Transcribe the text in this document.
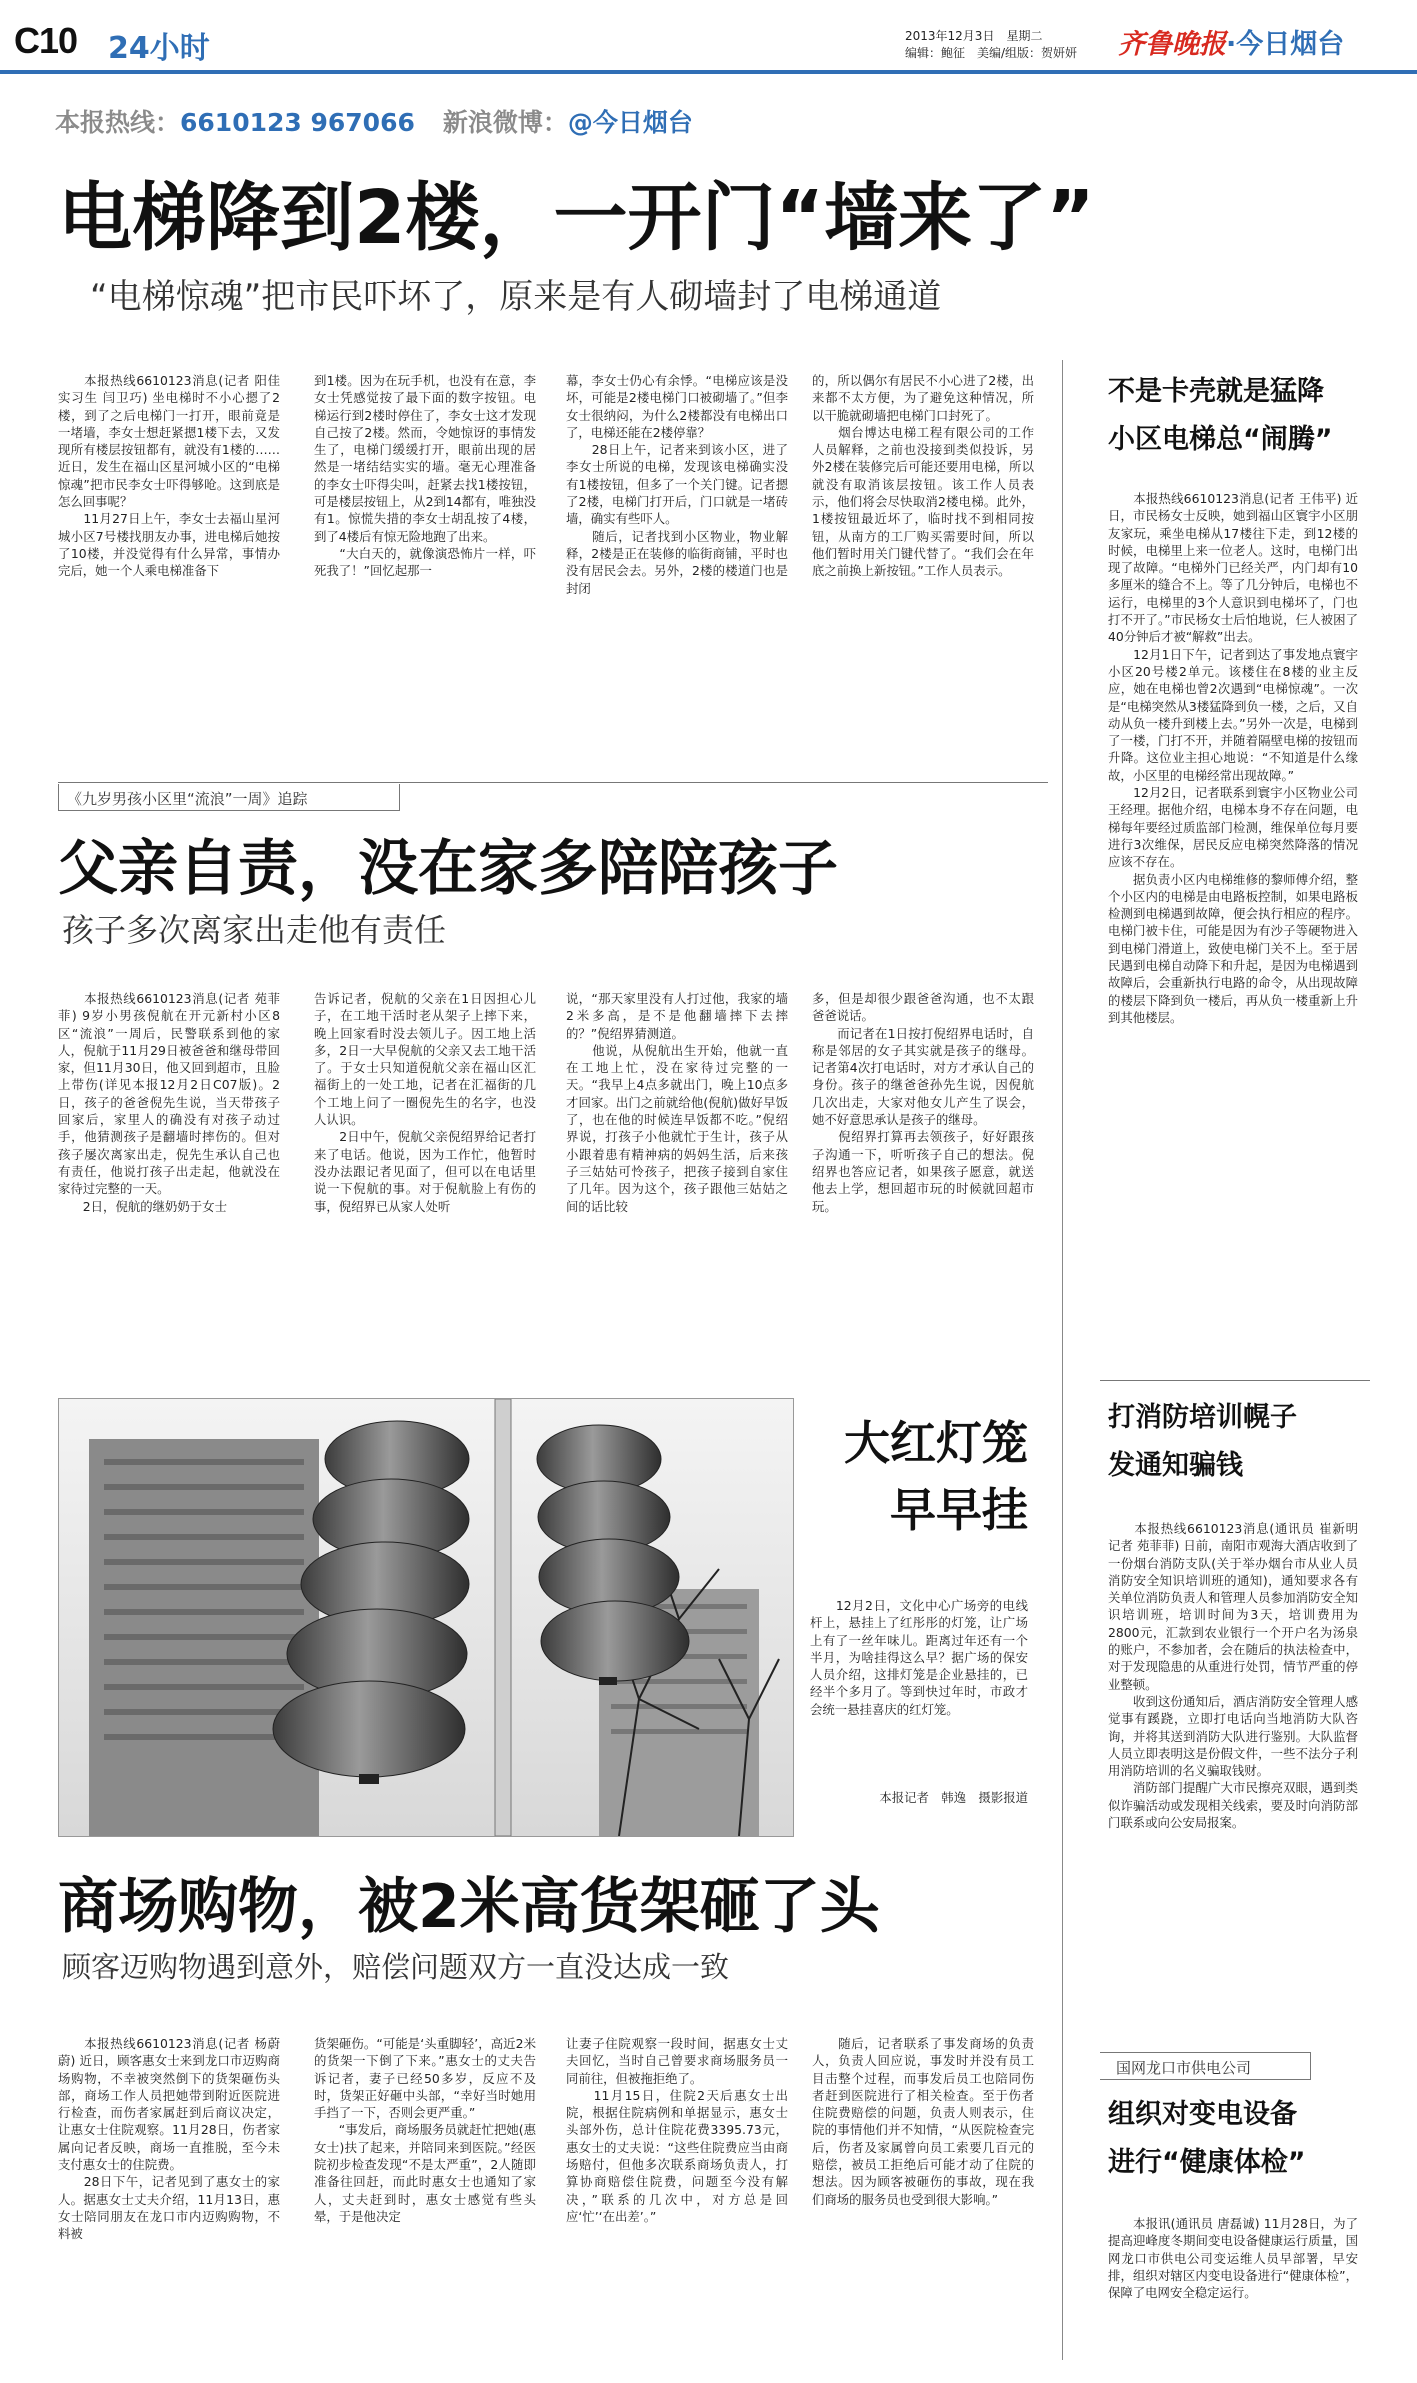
C10 24小时	2013年12月3日　星期二
编辑：鲍征　美编/组版：贺妍妍 齐鲁晚报·今日烟台
本报热线：6610123 967066 新浪微博：@今日烟台
电梯降到2楼，一开门“墙来了”
“电梯惊魂”把市民吓坏了，原来是有人砌墙封了电梯通道
　　本报热线6610123消息(记者 阳佳 实习生 闫卫巧) 坐电梯时不小心摁了2楼，到了之后电梯门一打开，眼前竟是一堵墙，李女士想赶紧摁1楼下去，又发现所有楼层按钮都有，就没有1楼的……近日，发生在福山区星河城小区的“电梯惊魂”把市民李女士吓得够呛。这到底是怎么回事呢？
　　11月27日上午，李女士去福山星河城小区7号楼找朋友办事，进电梯后她按了10楼，并没觉得有什么异常，事情办完后，她一个人乘电梯准备下
到1楼。因为在玩手机，也没有在意，李女士凭感觉按了最下面的数字按钮。电梯运行到2楼时停住了，李女士这才发现自己按了2楼。然而，令她惊讶的事情发生了，电梯门缓缓打开，眼前出现的居然是一堵结结实实的墙。毫无心理准备的李女士吓得尖叫，赶紧去找1楼按钮，可是楼层按钮上，从2到14都有，唯独没有1。惊慌失措的李女士胡乱按了4楼，到了4楼后有惊无险地跑了出来。
　　“大白天的，就像演恐怖片一样，吓死我了！”回忆起那一
幕，李女士仍心有余悸。“电梯应该是没坏，可能是2楼电梯门口被砌墙了。”但李女士很纳闷，为什么2楼都没有电梯出口了，电梯还能在2楼停靠？
　　28日上午，记者来到该小区，进了李女士所说的电梯，发现该电梯确实没有1楼按钮，但多了一个关门键。记者摁了2楼，电梯门打开后，门口就是一堵砖墙，确实有些吓人。
　　随后，记者找到小区物业，物业解释，2楼是正在装修的临街商铺，平时也没有居民会去。另外，2楼的楼道门也是封闭
的，所以偶尔有居民不小心进了2楼，出来都不太方便，为了避免这种情况，所以干脆就砌墙把电梯门口封死了。
　　烟台博达电梯工程有限公司的工作人员解释，之前也没接到类似投诉，另外2楼在装修完后可能还要用电梯，所以就没有取消该层按钮。该工作人员表示，他们将会尽快取消2楼电梯。此外，1楼按钮最近坏了，临时找不到相同按钮，从南方的工厂购买需要时间，所以他们暂时用关门键代替了。“我们会在年底之前换上新按钮。”工作人员表示。
《九岁男孩小区里“流浪”一周》追踪
父亲自责，没在家多陪陪孩子
孩子多次离家出走他有责任
　　本报热线6610123消息(记者 苑菲菲) 9岁小男孩倪航在开元新村小区8区“流浪”一周后，民警联系到他的家人，倪航于11月29日被爸爸和继母带回家，但11月30日，他又回到超市，且脸上带伤(详见本报12月2日C07版)。2日，孩子的爸爸倪先生说，当天带孩子回家后，家里人的确没有对孩子动过手，他猜测孩子是翻墙时摔伤的。但对孩子屡次离家出走，倪先生承认自己也有责任，他说打孩子出走起，他就没在家待过完整的一天。
　　2日，倪航的继奶奶于女士
告诉记者，倪航的父亲在1日因担心儿子，在工地干活时老从架子上摔下来，晚上回家看时没去领儿子。因工地上活多，2日一大早倪航的父亲又去工地干活了。于女士只知道倪航父亲在福山区汇福街上的一处工地，记者在汇福街的几个工地上问了一圈倪先生的名字，也没人认识。
　　2日中午，倪航父亲倪绍界给记者打来了电话。他说，因为工作忙，他暂时没办法跟记者见面了，但可以在电话里说一下倪航的事。对于倪航脸上有伤的事，倪绍界已从家人处听
说，“那天家里没有人打过他，我家的墙2米多高，是不是他翻墙摔下去摔的？”倪绍界猜测道。
　　他说，从倪航出生开始，他就一直在工地上忙，没在家待过完整的一天。“我早上4点多就出门，晚上10点多才回家。出门之前就给他(倪航)做好早饭了，也在他的时候连早饭都不吃。”倪绍界说，打孩子小他就忙于生计，孩子从小跟着患有精神病的妈妈生活，后来孩子三姑姑可怜孩子，把孩子接到自家住了几年。因为这个，孩子跟他三姑姑之间的话比较
多，但是却很少跟爸爸沟通，也不太跟爸爸说话。
　　而记者在1日按打倪绍界电话时，自称是邻居的女子其实就是孩子的继母。记者第4次打电话时，对方才承认自己的身份。孩子的继爸爸孙先生说，因倪航几次出走，大家对他女儿产生了误会，她不好意思承认是孩子的继母。
　　倪绍界打算再去领孩子，好好跟孩子沟通一下，听听孩子自己的想法。倪绍界也答应记者，如果孩子愿意，就送他去上学，想回超市玩的时候就回超市玩。
大红灯笼
早早挂
　　12月2日，文化中心广场旁的电线杆上，悬挂上了红彤彤的灯笼，让广场上有了一丝年味儿。距离过年还有一个半月，为啥挂得这么早？据广场的保安人员介绍，这排灯笼是企业悬挂的，已经半个多月了。等到快过年时，市政才会统一悬挂喜庆的红灯笼。
本报记者　韩逸　摄影报道
商场购物，被2米高货架砸了头
顾客迈购物遇到意外，赔偿问题双方一直没达成一致
　　本报热线6610123消息(记者 杨蔚蔚) 近日，顾客惠女士来到龙口市迈购商场购物，不幸被突然倒下的货架砸伤头部，商场工作人员把她带到附近医院进行检查，而伤者家属赶到后商议决定，让惠女士住院观察。11月28日，伤者家属向记者反映，商场一直推脱，至今未支付惠女士的住院费。
　　28日下午，记者见到了惠女士的家人。据惠女士丈夫介绍，11月13日，惠女士陪同朋友在龙口市内迈购购物，不料被
货架砸伤。“可能是‘头重脚轻’，高近2米的货架一下倒了下来。”惠女士的丈夫告诉记者，妻子已经50多岁，反应不及时，货架正好砸中头部，“幸好当时她用手挡了一下，否则会更严重。”
　　“事发后，商场服务员就赶忙把她(惠女士)扶了起来，并陪同来到医院。”经医院初步检查发现“不是太严重”，2人随即准备往回赶，而此时惠女士也通知了家人，丈夫赶到时，惠女士感觉有些头晕，于是他决定
让妻子住院观察一段时间，据惠女士丈夫回忆，当时自己曾要求商场服务员一同前往，但被拖拒绝了。
　　11月15日，住院2天后惠女士出院，根据住院病例和单据显示，惠女士头部外伤，总计住院花费3395.73元，惠女士的丈夫说：“这些住院费应当由商场赔付，但他多次联系商场负责人，打算协商赔偿住院费，问题至今没有解决，”联系的几次中，对方总是回应‘忙’‘在出差’。”
　　随后，记者联系了事发商场的负责人，负责人回应说，事发时并没有员工目击整个过程，而事发后员工也陪同伤者赶到医院进行了相关检查。至于伤者住院费赔偿的问题，负责人则表示，住院的事情他们并不知情，“从医院检查完后，伤者及家属曾向员工索要几百元的赔偿，被员工拒绝后可能才动了住院的想法。因为顾客被砸伤的事故，现在我们商场的服务员也受到很大影响。”
不是卡壳就是猛降
小区电梯总“闹腾”
　　本报热线6610123消息(记者 王伟平) 近日，市民杨女士反映，她到福山区寰宇小区朋友家玩，乘坐电梯从17楼往下走，到12楼的时候，电梯里上来一位老人。这时，电梯门出现了故障。“电梯外门已经关严，内门却有10多厘米的缝合不上。等了几分钟后，电梯也不运行，电梯里的3个人意识到电梯坏了，门也打不开了。”市民杨女士后怕地说，仨人被困了40分钟后才被“解救”出去。
　　12月1日下午，记者到达了事发地点寰宇小区20号楼2单元。该楼住在8楼的业主反应，她在电梯也曾2次遇到“电梯惊魂”。一次是“电梯突然从3楼猛降到负一楼，之后，又自动从负一楼升到楼上去。”另外一次是，电梯到了一楼，门打不开，并随着隔壁电梯的按钮而升降。这位业主担心地说：“不知道是什么缘故，小区里的电梯经常出现故障。”
　　12月2日，记者联系到寰宇小区物业公司王经理。据他介绍，电梯本身不存在问题，电梯每年要经过质监部门检测，维保单位每月要进行3次维保，居民反应电梯突然降落的情况应该不存在。
　　据负责小区内电梯维修的黎师傅介绍，整个小区内的电梯是由电路板控制，如果电路板检测到电梯遇到故障，便会执行相应的程序。电梯门被卡住，可能是因为有沙子等硬物进入到电梯门滑道上，致使电梯门关不上。至于居民遇到电梯自动降下和升起，是因为电梯遇到故障后，会重新执行电路的命令，从出现故障的楼层下降到负一楼后，再从负一楼重新上升到其他楼层。
打消防培训幌子
发通知骗钱
　　本报热线6610123消息(通讯员 崔新明 记者 苑菲菲) 日前，南阳市观海大酒店收到了一份烟台消防支队(关于举办烟台市从业人员消防安全知识培训班的通知)，通知要求各有关单位消防负责人和管理人员参加消防安全知识培训班，培训时间为3天，培训费用为2800元，汇款到农业银行一个开户名为汤泉的账户，不参加者，会在随后的执法检查中，对于发现隐患的从重进行处罚，情节严重的停业整顿。
　　收到这份通知后，酒店消防安全管理人感觉事有蹊跷，立即打电话向当地消防大队咨询，并将其送到消防大队进行鉴别。大队监督人员立即表明这是份假文件，一些不法分子利用消防培训的名义骗取钱财。
　　消防部门提醒广大市民擦亮双眼，遇到类似诈骗活动或发现相关线索，要及时向消防部门联系或向公安局报案。
国网龙口市供电公司
组织对变电设备
进行“健康体检”
　　本报讯(通讯员 唐磊诚) 11月28日，为了提高迎峰度冬期间变电设备健康运行质量，国网龙口市供电公司变运维人员早部署，早安排，组织对辖区内变电设备进行“健康体检”，保障了电网安全稳定运行。
